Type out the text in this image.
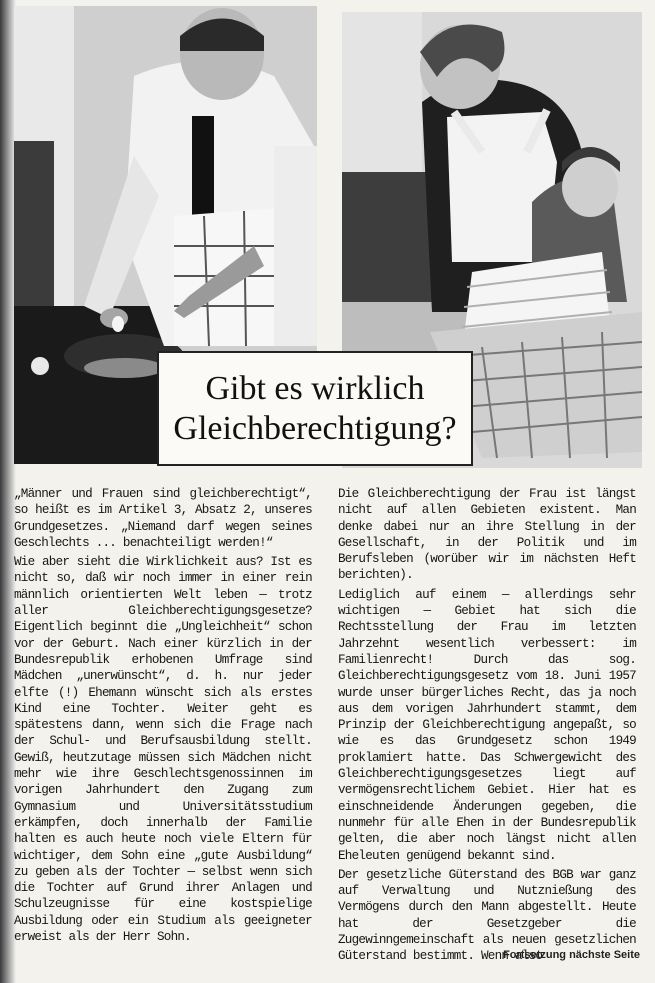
Gibt es wirklich
Gleichberechtigung?

„Männer und Frauen sind gleichberechtigt“, so heißt es im Artikel 3, Absatz 2, unseres Grundgesetzes. „Niemand darf wegen seines Geschlechts ... benachteiligt werden!“

Wie aber sieht die Wirklichkeit aus? Ist es nicht so, daß wir noch immer in einer rein männlich orientierten Welt leben — trotz aller Gleichberechtigungsgesetze? Eigentlich beginnt die „Ungleichheit“ schon vor der Geburt. Nach einer kürzlich in der Bundesrepublik erhobenen Umfrage sind Mädchen „unerwünscht“, d. h. nur jeder elfte (!) Ehemann wünscht sich als erstes Kind eine Tochter. Weiter geht es spätestens dann, wenn sich die Frage nach der Schul- und Berufsausbildung stellt. Gewiß, heutzutage müssen sich Mädchen nicht mehr wie ihre Geschlechtsgenossinnen im vorigen Jahrhundert den Zugang zum Gymnasium und Universitätsstudium erkämpfen, doch innerhalb der Familie halten es auch heute noch viele Eltern für wichtiger, dem Sohn eine „gute Ausbildung“ zu geben als der Tochter — selbst wenn sich die Tochter auf Grund ihrer Anlagen und Schulzeugnisse für eine kostspielige Ausbildung oder ein Studium als geeigneter erweist als der Herr Sohn.

Die Gleichberechtigung der Frau ist längst nicht auf allen Gebieten existent. Man denke dabei nur an ihre Stellung in der Gesellschaft, in der Politik und im Berufsleben (worüber wir im nächsten Heft berichten).

Lediglich auf einem — allerdings sehr wichtigen — Gebiet hat sich die Rechtsstellung der Frau im letzten Jahrzehnt wesentlich verbessert: im Familienrecht! Durch das sog. Gleichberechtigungsgesetz vom 18. Juni 1957 wurde unser bürgerliches Recht, das ja noch aus dem vorigen Jahrhundert stammt, dem Prinzip der Gleichberechtigung angepaßt, so wie es das Grundgesetz schon 1949 proklamiert hatte. Das Schwergewicht des Gleichberechtigungsgesetzes liegt auf vermögensrechtlichem Gebiet. Hier hat es einschneidende Änderungen gegeben, die nunmehr für alle Ehen in der Bundesrepublik gelten, die aber noch längst nicht allen Eheleuten genügend bekannt sind.

Der gesetzliche Güterstand des BGB war ganz auf Verwaltung und Nutznießung des Vermögens durch den Mann abgestellt. Heute hat der Gesetzgeber die Zugewinngemeinschaft als neuen gesetzlichen Güterstand bestimmt. Wenn also

Fortsetzung nächste Seite
